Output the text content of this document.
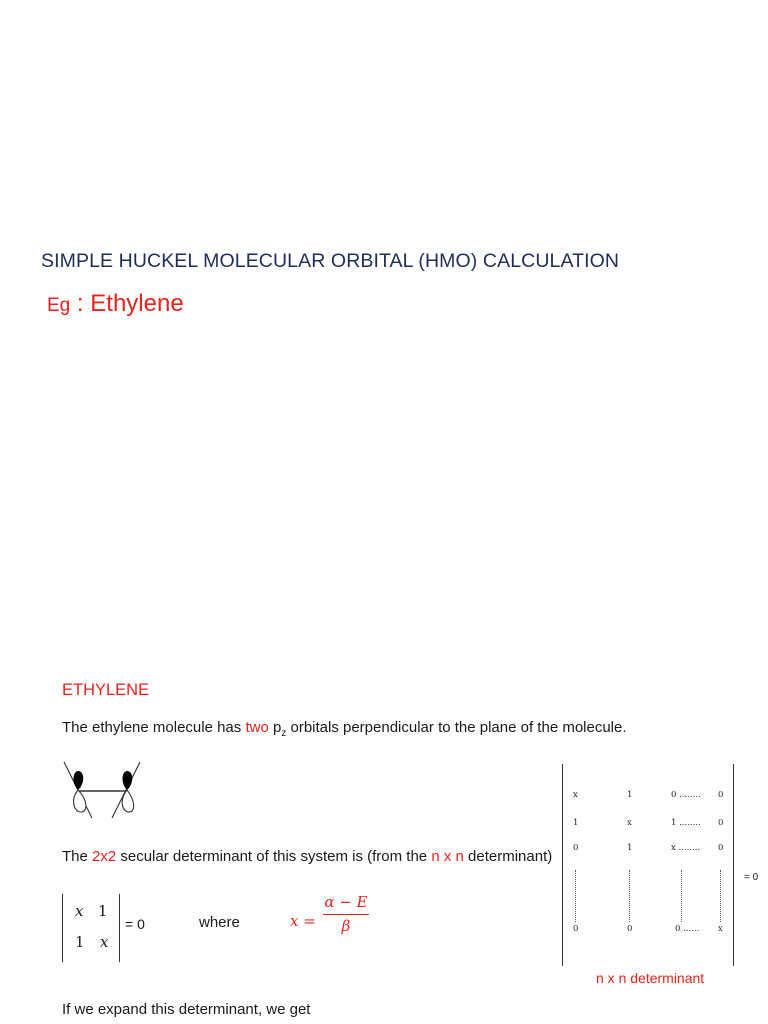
SIMPLE HUCKEL MOLECULAR ORBITAL (HMO) CALCULATION
Eg : Ethylene
ETHYLENE
The ethylene molecule has two $p_z$ orbitals perpendicular to the plane of the molecule.
The 2x2 secular determinant of this system is (from the n x n determinant)
x 1
1 x
= 0	where	x =
α − E
β
x	1	0 ........ 0
1	x	1 ........ 0
0	1	x ........ 0
0	0	0 ...... x
= 0
n x n determinant
If we expand this determinant, we get
